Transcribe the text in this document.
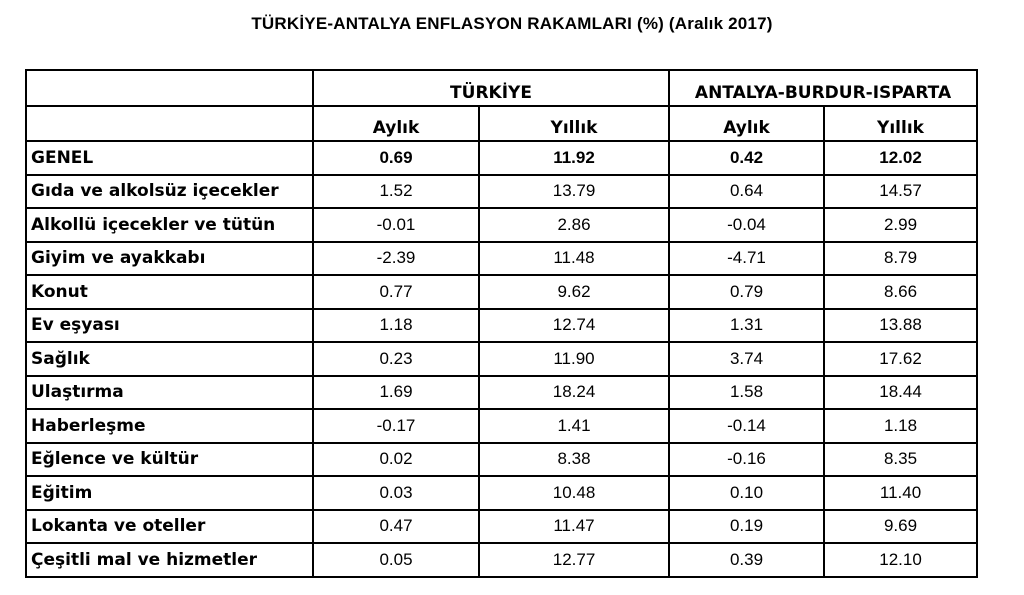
TÜRKİYE-ANTALYA ENFLASYON RAKAMLARI (%) (Aralık 2017)
	TÜRKİYE		ANTALYA-BURDUR-ISPARTA	
	Aylık	Yıllık	Aylık	Yıllık
GENEL	0.69	11.92	0.42	12.02
Gıda ve alkolsüz içecekler	1.52	13.79	0.64	14.57
Alkollü içecekler ve tütün	-0.01	2.86	-0.04	2.99
Giyim ve ayakkabı	-2.39	11.48	-4.71	8.79
Konut	0.77	9.62	0.79	8.66
Ev eşyası	1.18	12.74	1.31	13.88
Sağlık	0.23	11.90	3.74	17.62
Ulaştırma	1.69	18.24	1.58	18.44
Haberleşme	-0.17	1.41	-0.14	1.18
Eğlence ve kültür	0.02	8.38	-0.16	8.35
Eğitim	0.03	10.48	0.10	11.40
Lokanta ve oteller	0.47	11.47	0.19	9.69
Çeşitli mal ve hizmetler	0.05	12.77	0.39	12.10
